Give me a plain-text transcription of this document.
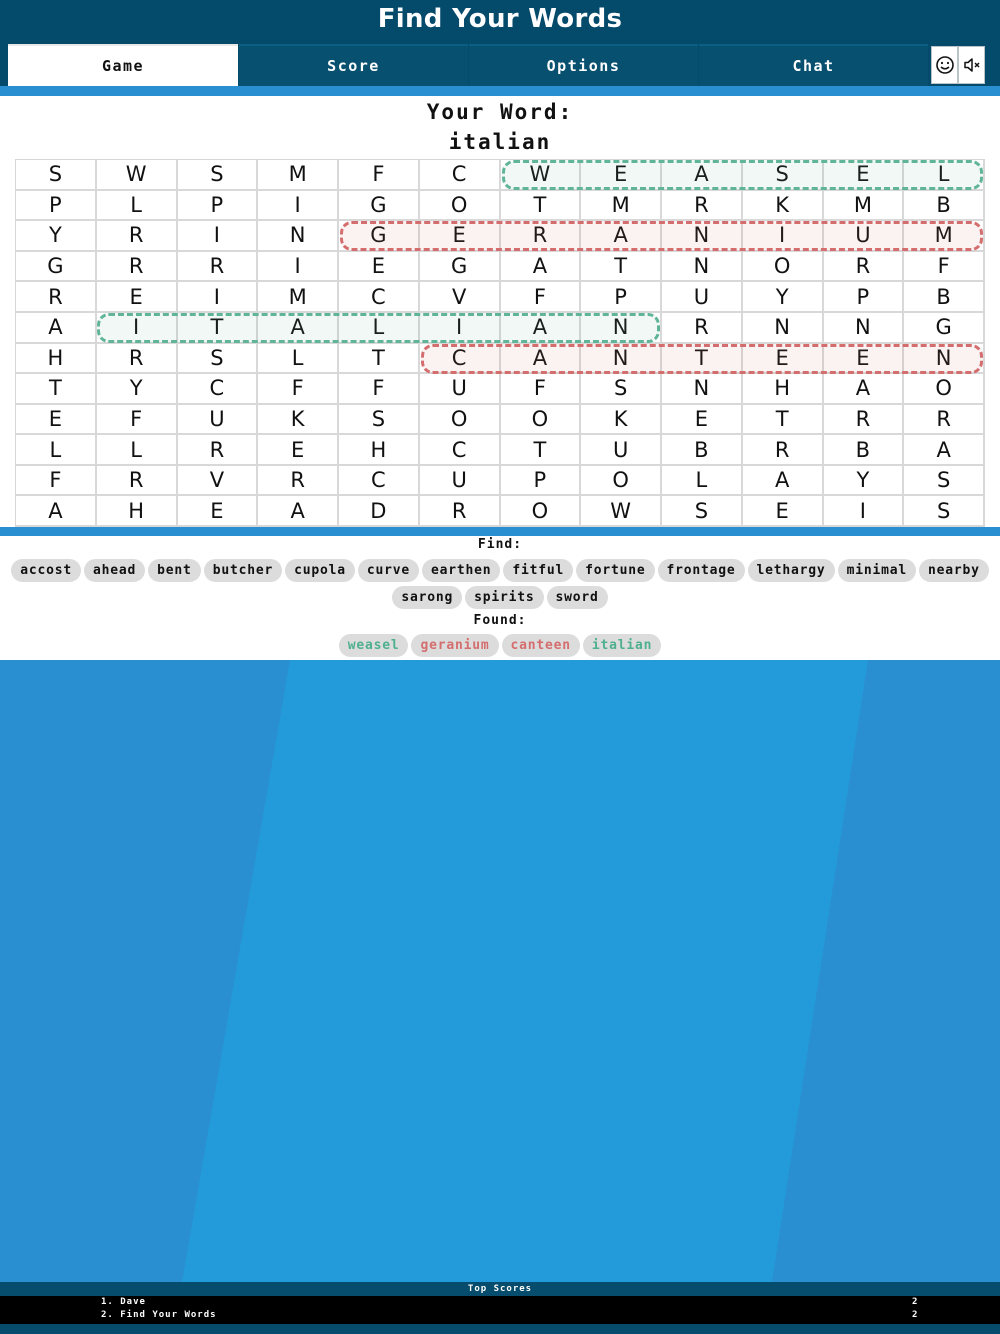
Find Your Words
Game	Score	Options	Chat
Your Word:
italian
S	W	S	M	F	C	W	E	A	S	E	L
P	L	P	I	G	O	T	M	R	K	M	B
Y	R	I	N	G	E	R	A	N	I	U	M
G	R	R	I	E	G	A	T	N	O	R	F
R	E	I	M	C	V	F	P	U	Y	P	B
A	I	T	A	L	I	A	N	R	N	N	G
H	R	S	L	T	C	A	N	T	E	E	N
T	Y	C	F	F	U	F	S	N	H	A	O
E	F	U	K	S	O	O	K	E	T	R	R
L	L	R	E	H	C	T	U	B	R	B	A
F	R	V	R	C	U	P	O	L	A	Y	S
A	H	E	A	D	R	O	W	S	E	I	S
Find:
accost	ahead	bent	butcher	cupola	curve	earthen	fitful	fortune	frontage	lethargy	minimal	nearby
sarong	spirits	sword
Found:
weasel	geranium	canteen	italian
Top Scores
1. Dave	2
2. Find Your Words	2
